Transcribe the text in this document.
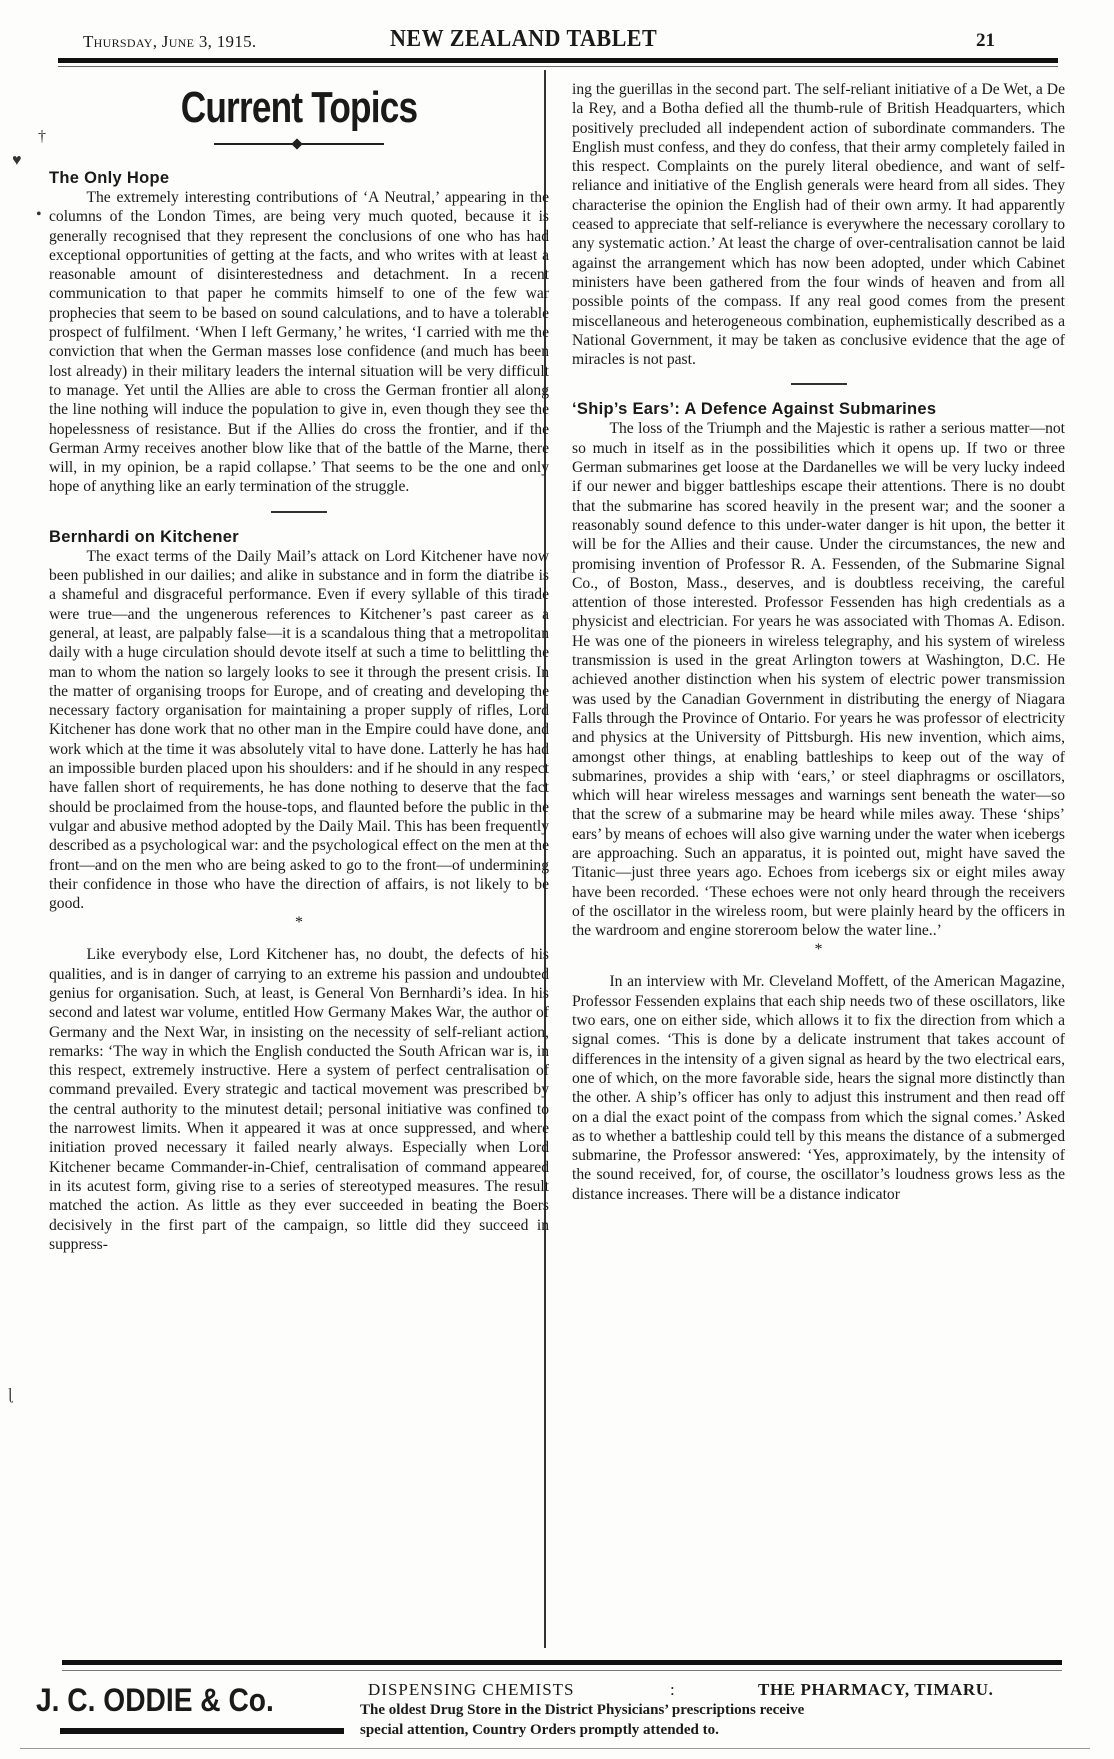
Thursday, June 3, 1915.	NEW ZEALAND TABLET	21
†
♥
•
ɭ
Current Topics
The Only Hope

The extremely interesting contributions of ‘A Neutral,’ appearing in the columns of the London Times, are being very much quoted, because it is generally recognised that they represent the conclusions of one who has had exceptional opportunities of getting at the facts, and who writes with at least a reasonable amount of disinterestedness and detachment. In a recent communication to that paper he commits himself to one of the few war prophecies that seem to be based on sound calculations, and to have a tolerable prospect of fulfilment. ‘When I left Germany,’ he writes, ‘I carried with me the conviction that when the German masses lose confidence (and much has been lost already) in their military leaders the internal situation will be very difficult to manage. Yet until the Allies are able to cross the German frontier all along the line nothing will induce the population to give in, even though they see the hopelessness of resistance. But if the Allies do cross the frontier, and if the German Army receives another blow like that of the battle of the Marne, there will, in my opinion, be a rapid collapse.’ That seems to be the one and only hope of anything like an early termination of the struggle.

Bernhardi on Kitchener

The exact terms of the Daily Mail’s attack on Lord Kitchener have now been published in our dailies; and alike in substance and in form the diatribe is a shameful and disgraceful performance. Even if every syllable of this tirade were true—and the ungenerous references to Kitchener’s past career as a general, at least, are palpably false—it is a scandalous thing that a metropolitan daily with a huge circulation should devote itself at such a time to belittling the man to whom the nation so largely looks to see it through the present crisis. In the matter of organising troops for Europe, and of creating and developing the necessary factory organisation for maintaining a proper supply of rifles, Lord Kitchener has done work that no other man in the Empire could have done, and work which at the time it was absolutely vital to have done. Latterly he has had an impossible burden placed upon his shoulders: and if he should in any respect have fallen short of requirements, he has done nothing to deserve that the fact should be proclaimed from the house-tops, and flaunted before the public in the vulgar and abusive method adopted by the Daily Mail. This has been frequently described as a psychological war: and the psychological effect on the men at the front—and on the men who are being asked to go to the front—of undermining their confidence in those who have the direction of affairs, is not likely to be good.

*

Like everybody else, Lord Kitchener has, no doubt, the defects of his qualities, and is in danger of carrying to an extreme his passion and undoubted genius for organisation. Such, at least, is General Von Bernhardi’s idea. In his second and latest war volume, entitled How Germany Makes War, the author of Germany and the Next War, in insisting on the necessity of self-reliant action, remarks: ‘The way in which the English conducted the South African war is, in this respect, extremely instructive. Here a system of perfect centralisation of command prevailed. Every strategic and tactical movement was prescribed by the central authority to the minutest detail; personal initiative was confined to the narrowest limits. When it appeared it was at once suppressed, and where initiation proved necessary it failed nearly always. Especially when Lord Kitchener became Commander-in-Chief, centralisation of command appeared in its acutest form, giving rise to a series of stereotyped measures. The result matched the action. As little as they ever succeeded in beating the Boers decisively in the first part of the campaign, so little did they succeed in suppress-

ing the guerillas in the second part. The self-reliant initiative of a De Wet, a De la Rey, and a Botha defied all the thumb-rule of British Headquarters, which positively precluded all independent action of subordinate commanders. The English must confess, and they do confess, that their army completely failed in this respect. Complaints on the purely literal obedience, and want of self-reliance and initiative of the English generals were heard from all sides. They characterise the opinion the English had of their own army. It had apparently ceased to appreciate that self-reliance is everywhere the necessary corollary to any systematic action.’ At least the charge of over-centralisation cannot be laid against the arrangement which has now been adopted, under which Cabinet ministers have been gathered from the four winds of heaven and from all possible points of the compass. If any real good comes from the present miscellaneous and heterogeneous combination, euphemistically described as a National Government, it may be taken as conclusive evidence that the age of miracles is not past.

‘Ship’s Ears’: A Defence Against Submarines

The loss of the Triumph and the Majestic is rather a serious matter—not so much in itself as in the possibilities which it opens up. If two or three German submarines get loose at the Dardanelles we will be very lucky indeed if our newer and bigger battleships escape their attentions. There is no doubt that the submarine has scored heavily in the present war; and the sooner a reasonably sound defence to this under-water danger is hit upon, the better it will be for the Allies and their cause. Under the circumstances, the new and promising invention of Professor R. A. Fessenden, of the Submarine Signal Co., of Boston, Mass., deserves, and is doubtless receiving, the careful attention of those interested. Professor Fessenden has high credentials as a physicist and electrician. For years he was associated with Thomas A. Edison. He was one of the pioneers in wireless telegraphy, and his system of wireless transmission is used in the great Arlington towers at Washington, D.C. He achieved another distinction when his system of electric power transmission was used by the Canadian Government in distributing the energy of Niagara Falls through the Province of Ontario. For years he was professor of electricity and physics at the University of Pittsburgh. His new invention, which aims, amongst other things, at enabling battleships to keep out of the way of submarines, provides a ship with ‘ears,’ or steel diaphragms or oscillators, which will hear wireless messages and warnings sent beneath the water—so that the screw of a submarine may be heard while miles away. These ‘ships’ ears’ by means of echoes will also give warning under the water when icebergs are approaching. Such an apparatus, it is pointed out, might have saved the Titanic—just three years ago. Echoes from icebergs six or eight miles away have been recorded. ‘These echoes were not only heard through the receivers of the oscillator in the wireless room, but were plainly heard by the officers in the wardroom and engine storeroom below the water line..’

*

In an interview with Mr. Cleveland Moffett, of the American Magazine, Professor Fessenden explains that each ship needs two of these oscillators, like two ears, one on either side, which allows it to fix the direction from which a signal comes. ‘This is done by a delicate instrument that takes account of differences in the intensity of a given signal as heard by the two electrical ears, one of which, on the more favorable side, hears the signal more distinctly than the other. A ship’s officer has only to adjust this instrument and then read off on a dial the exact point of the compass from which the signal comes.’ Asked as to whether a battleship could tell by this means the distance of a submerged submarine, the Professor answered: ‘Yes, approximately, by the intensity of the sound received, for, of course, the oscillator’s loudness grows less as the distance increases. There will be a distance indicator

J. C. ODDIE & Co.	DISPENSING CHEMISTS	:	THE PHARMACY, TIMARU.
The oldest Drug Store in the District Physicians’ prescriptions receive
special attention, Country Orders promptly attended to.
